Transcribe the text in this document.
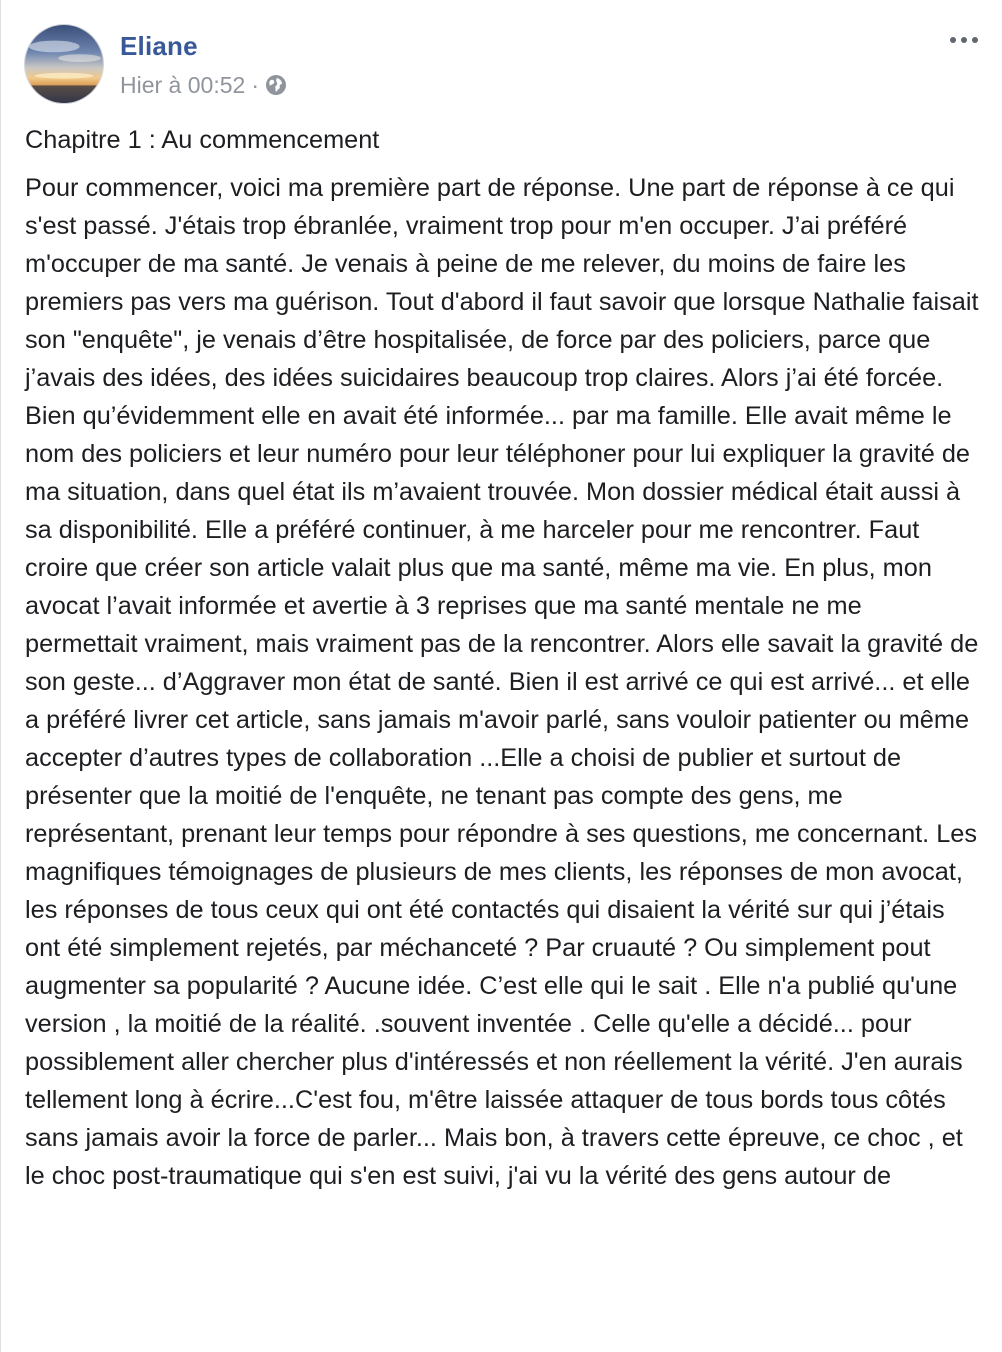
Eliane
Hier à 00:52 ·

Chapitre 1 : Au commencement

Pour commencer, voici ma première part de réponse. Une part de réponse à ce qui s'est passé. J'étais trop ébranlée, vraiment trop pour m'en occuper. J’ai préféré m'occuper de ma santé. Je venais à peine de me relever, du moins de faire les premiers pas vers ma guérison. Tout d'abord il faut savoir que lorsque Nathalie faisait son "enquête", je venais d’être hospitalisée, de force par des policiers, parce que j’avais des idées, des idées suicidaires beaucoup trop claires. Alors j’ai été forcée. Bien qu’évidemment elle en avait été informée... par ma famille. Elle avait même le nom des policiers et leur numéro pour leur téléphoner pour lui expliquer la gravité de ma situation, dans quel état ils m’avaient trouvée. Mon dossier médical était aussi à sa disponibilité. Elle a préféré continuer, à me harceler pour me rencontrer. Faut croire que créer son article valait plus que ma santé, même ma vie. En plus, mon avocat l’avait informée et avertie à 3 reprises que ma santé mentale ne me permettait vraiment, mais vraiment pas de la rencontrer. Alors elle savait la gravité de son geste... d’Aggraver mon état de santé. Bien il est arrivé ce qui est arrivé... et elle a préféré livrer cet article, sans jamais m'avoir parlé, sans vouloir patienter ou même accepter d’autres types de collaboration ...Elle a choisi de publier et surtout de présenter que la moitié de l'enquête, ne tenant pas compte des gens, me représentant, prenant leur temps pour répondre à ses questions, me concernant. Les magnifiques témoignages de plusieurs de mes clients, les réponses de mon avocat, les réponses de tous ceux qui ont été contactés qui disaient la vérité sur qui j’étais ont été simplement rejetés, par méchanceté ? Par cruauté ? Ou simplement pout augmenter sa popularité ? Aucune idée. C’est elle qui le sait . Elle n'a publié qu'une version , la moitié de la réalité. .souvent inventée . Celle qu'elle a décidé... pour possiblement aller chercher plus d'intéressés et non réellement la vérité. J'en aurais tellement long à écrire...C'est fou, m'être laissée attaquer de tous bords tous côtés sans jamais avoir la force de parler... Mais bon, à travers cette épreuve, ce choc , et le choc post-traumatique qui s'en est suivi, j'ai vu la vérité des gens autour de
